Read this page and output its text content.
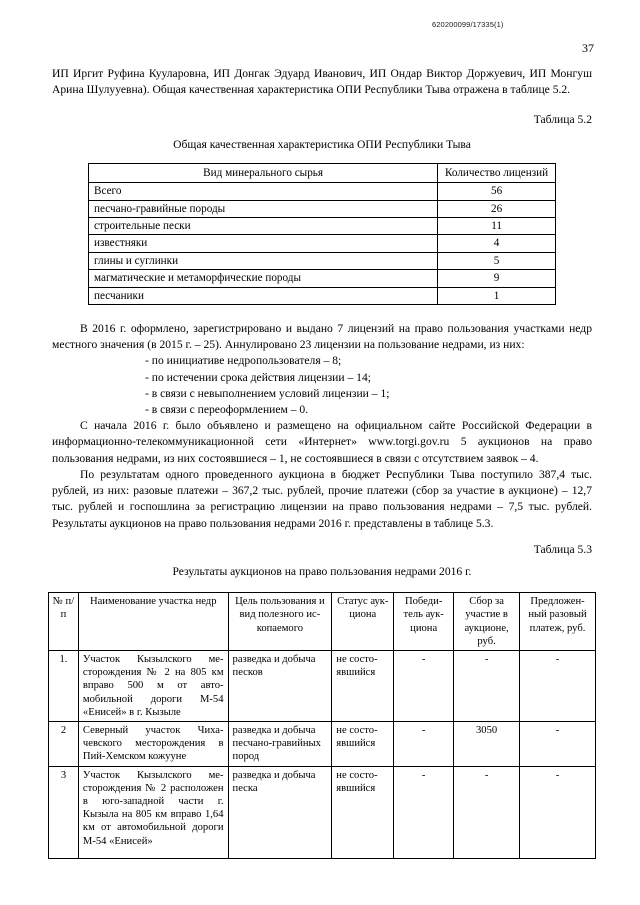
620200099/17335(1)
37

ИП Иргит Руфина Кууларовна, ИП Донгак Эдуард Иванович, ИП Ондар Виктор Доржуевич, ИП Монгуш Арина Шулууевна). Общая качественная характеристика ОПИ Республики Тыва отражена в таблице 5.2.

Таблица 5.2

Общая качественная характеристика ОПИ Республики Тыва

Вид минерального сырья	Количество лицензий
Всего	56
песчано-гравийные породы	26
строительные пески	11
известняки	4
глины и суглинки	5
магматические и метаморфические породы	9
песчаники	1

В 2016 г. оформлено, зарегистрировано и выдано 7 лицензий на право пользования участками недр местного значения (в 2015 г. – 25). Аннулировано 23 лицензии на пользование недрами, из них:

- по инициативе недропользователя – 8;

- по истечении срока действия лицензии – 14;

- в связи с невыполнением условий лицензии – 1;

- в связи с переоформлением – 0.

С начала 2016 г. было объявлено и размещено на официальном сайте Российской Федерации в информационно-телекоммуникационной сети «Интернет» www.torgi.gov.ru 5 аукционов на право пользования недрами, из них состоявшиеся – 1, не состоявшиеся в связи с отсутствием заявок – 4.

По результатам одного проведенного аукциона в бюджет Республики Тыва поступило 387,4 тыс. рублей, из них: разовые платежи – 367,2 тыс. рублей, прочие платежи (сбор за участие в аукционе) – 12,7 тыс. рублей и госпошлина за регистрацию лицензии на право пользования недрами – 7,5 тыс. рублей. Результаты аукционов на право пользования недрами 2016 г. представлены в таблице 5.3.

Таблица 5.3

Результаты аукционов на право пользования недрами 2016 г.

№ п/п	Наименование участка недр	Цель пользования и вид полезного ископаемого	Статус аукциона	Победитель аукциона	Сбор за участие в аукционе, руб.	Предложенный разовый платеж, руб.
1.	Участок Кызылского месторождения № 2 на 805 км вправо 500 м от автомобильной дороги М-54 «Енисей» в г. Кызыле	разведка и добыча песков	не состоявшийся	-	-	-
2	Северный участок Чихачевского месторождения в Пий-Хемском кожууне	разведка и добыча песчано-гравийных пород	не состоявшийся	-	3050	-
3	Участок Кызылского месторождения № 2 расположен в юго-западной части г. Кызыла на 805 км вправо 1,64 км от автомобильной дороги М-54 «Енисей»	разведка и добыча песка	не состоявшийся	-	-	-
